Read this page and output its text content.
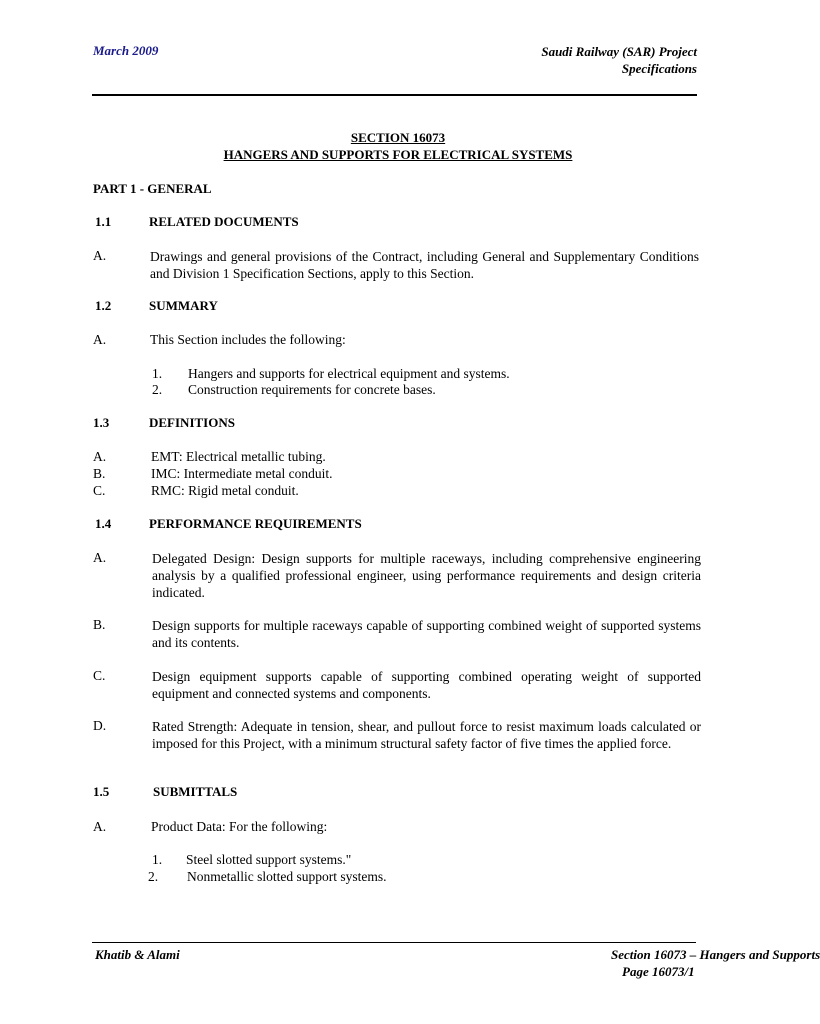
March 2009	Saudi Railway (SAR) Project
Specifications
SECTION 16073
HANGERS AND SUPPORTS FOR ELECTRICAL SYSTEMS
PART 1 - GENERAL
1.1	RELATED DOCUMENTS
A.	Drawings and general provisions of the Contract, including General and Supplementary Conditions and Division 1 Specification Sections, apply to this Section.
1.2	SUMMARY
A.	This Section includes the following:
1. Hangers and supports for electrical equipment and systems.
2. Construction requirements for concrete bases.
1.3	DEFINITIONS
A.	EMT: Electrical metallic tubing.
B.	IMC: Intermediate metal conduit.
C.	RMC: Rigid metal conduit.
1.4	PERFORMANCE REQUIREMENTS
A.	Delegated Design: Design supports for multiple raceways, including comprehensive engineering analysis by a qualified professional engineer, using performance requirements and design criteria indicated.
B.	Design supports for multiple raceways capable of supporting combined weight of supported systems and its contents.
C.	Design equipment supports capable of supporting combined operating weight of supported equipment and connected systems and components.
D.	Rated Strength: Adequate in tension, shear, and pullout force to resist maximum loads calculated or imposed for this Project, with a minimum structural safety factor of five times the applied force.
1.5	SUBMITTALS
A.	Product Data: For the following:
1. Steel slotted support systems."
2. Nonmetallic slotted support systems.
Khatib & Alami	Section 16073 – Hangers and Supports
Page 16073/1
